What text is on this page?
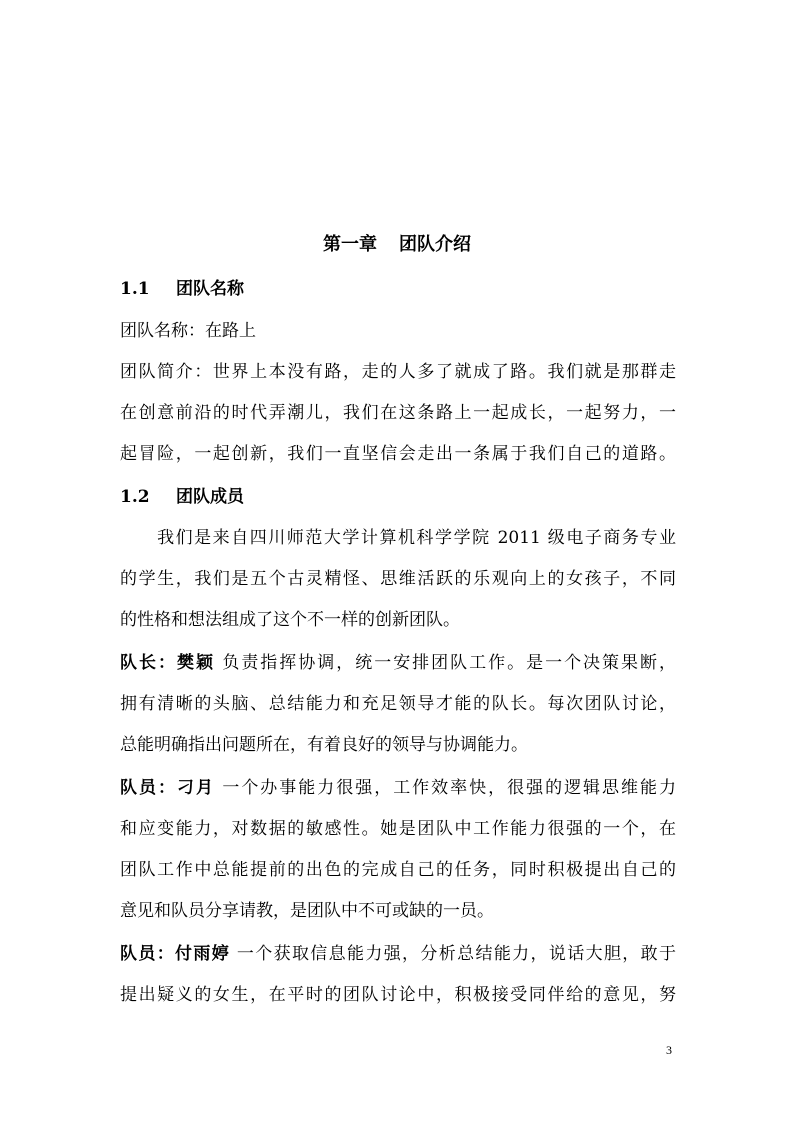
第一章 团队介绍
1.1 团队名称
团队名称：在路上
团队简介：世界上本没有路，走的人多了就成了路。我们就是那群走
在创意前沿的时代弄潮儿，我们在这条路上一起成长，一起努力，一
起冒险，一起创新，我们一直坚信会走出一条属于我们自己的道路。
1.2 团队成员
　　我们是来自四川师范大学计算机科学学院 2011 级电子商务专业
的学生，我们是五个古灵精怪、思维活跃的乐观向上的女孩子，不同
的性格和想法组成了这个不一样的创新团队。
队长：樊颖 负责指挥协调，统一安排团队工作。是一个决策果断，
拥有清晰的头脑、总结能力和充足领导才能的队长。每次团队讨论，
总能明确指出问题所在，有着良好的领导与协调能力。
队员：刁月 一个办事能力很强，工作效率快，很强的逻辑思维能力
和应变能力，对数据的敏感性。她是团队中工作能力很强的一个，在
团队工作中总能提前的出色的完成自己的任务，同时积极提出自己的
意见和队员分享请教，是团队中不可或缺的一员。
队员：付雨婷 一个获取信息能力强，分析总结能力，说话大胆，敢于
提出疑义的女生，在平时的团队讨论中，积极接受同伴给的意见，努
3
